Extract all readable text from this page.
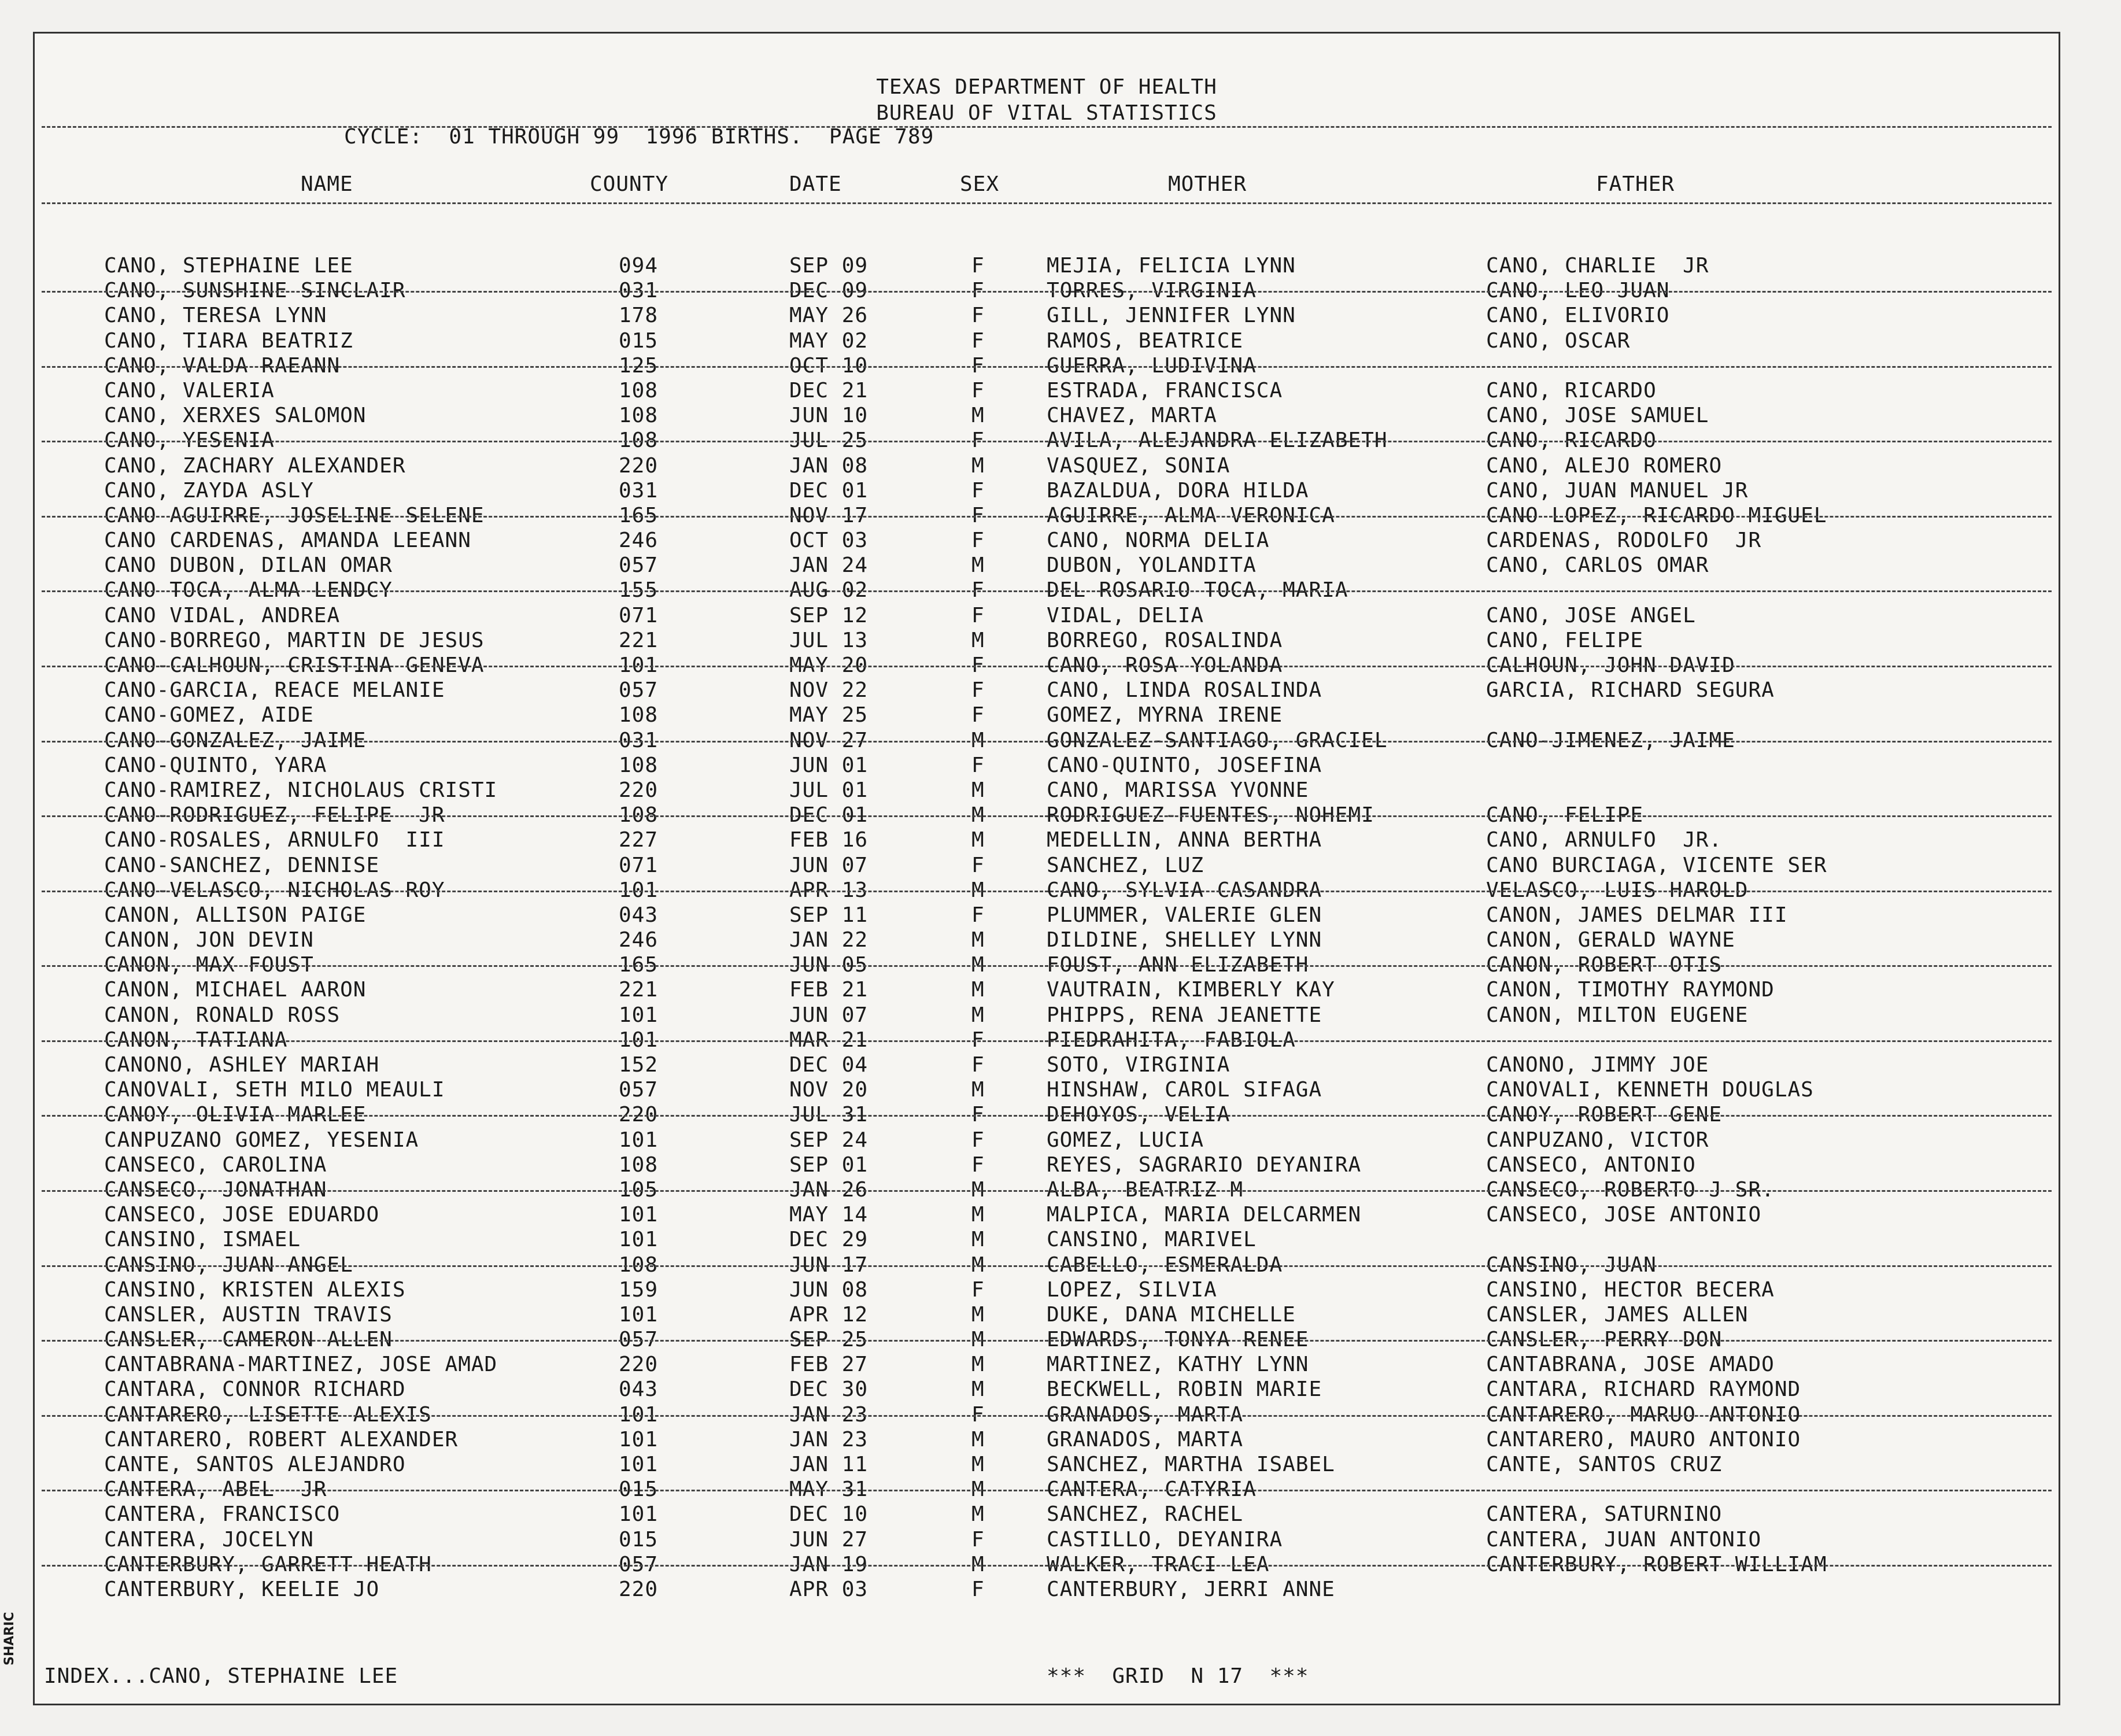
SHARIC
TEXAS DEPARTMENT OF HEALTH
BUREAU OF VITAL STATISTICS
CYCLE:  01 THROUGH 99  1996 BIRTHS.  PAGE 789
NAME	COUNTY	DATE	SEX	MOTHER	FATHER
CANO, STEPHAINE LEE	094	SEP 09	F	MEJIA, FELICIA LYNN	CANO, CHARLIE  JR
CANO, SUNSHINE SINCLAIR	031	DEC 09	F	TORRES, VIRGINIA	CANO, LEO JUAN
CANO, TERESA LYNN	178	MAY 26	F	GILL, JENNIFER LYNN	CANO, ELIVORIO
CANO, TIARA BEATRIZ	015	MAY 02	F	RAMOS, BEATRICE	CANO, OSCAR
CANO, VALDA RAEANN	125	OCT 10	F	GUERRA, LUDIVINA
CANO, VALERIA	108	DEC 21	F	ESTRADA, FRANCISCA	CANO, RICARDO
CANO, XERXES SALOMON	108	JUN 10	M	CHAVEZ, MARTA	CANO, JOSE SAMUEL
CANO, YESENIA	108	JUL 25	F	AVILA, ALEJANDRA ELIZABETH	CANO, RICARDO
CANO, ZACHARY ALEXANDER	220	JAN 08	M	VASQUEZ, SONIA	CANO, ALEJO ROMERO
CANO, ZAYDA ASLY	031	DEC 01	F	BAZALDUA, DORA HILDA	CANO, JUAN MANUEL JR
CANO AGUIRRE, JOSELINE SELENE	165	NOV 17	F	AGUIRRE, ALMA VERONICA	CANO LOPEZ, RICARDO MIGUEL
CANO CARDENAS, AMANDA LEEANN	246	OCT 03	F	CANO, NORMA DELIA	CARDENAS, RODOLFO  JR
CANO DUBON, DILAN OMAR	057	JAN 24	M	DUBON, YOLANDITA	CANO, CARLOS OMAR
CANO TOCA, ALMA LENDCY	155	AUG 02	F	DEL ROSARIO TOCA, MARIA
CANO VIDAL, ANDREA	071	SEP 12	F	VIDAL, DELIA	CANO, JOSE ANGEL
CANO-BORREGO, MARTIN DE JESUS	221	JUL 13	M	BORREGO, ROSALINDA	CANO, FELIPE
CANO-CALHOUN, CRISTINA GENEVA	101	MAY 20	F	CANO, ROSA YOLANDA	CALHOUN, JOHN DAVID
CANO-GARCIA, REACE MELANIE	057	NOV 22	F	CANO, LINDA ROSALINDA	GARCIA, RICHARD SEGURA
CANO-GOMEZ, AIDE	108	MAY 25	F	GOMEZ, MYRNA IRENE
CANO-GONZALEZ, JAIME	031	NOV 27	M	GONZALEZ-SANTIAGO, GRACIEL	CANO-JIMENEZ, JAIME
CANO-QUINTO, YARA	108	JUN 01	F	CANO-QUINTO, JOSEFINA
CANO-RAMIREZ, NICHOLAUS CRISTI	220	JUL 01	M	CANO, MARISSA YVONNE
CANO-RODRIGUEZ, FELIPE  JR	108	DEC 01	M	RODRIGUEZ-FUENTES, NOHEMI	CANO, FELIPE
CANO-ROSALES, ARNULFO  III	227	FEB 16	M	MEDELLIN, ANNA BERTHA	CANO, ARNULFO  JR.
CANO-SANCHEZ, DENNISE	071	JUN 07	F	SANCHEZ, LUZ	CANO BURCIAGA, VICENTE SER
CANO-VELASCO, NICHOLAS ROY	101	APR 13	M	CANO, SYLVIA CASANDRA	VELASCO, LUIS HAROLD
CANON, ALLISON PAIGE	043	SEP 11	F	PLUMMER, VALERIE GLEN	CANON, JAMES DELMAR III
CANON, JON DEVIN	246	JAN 22	M	DILDINE, SHELLEY LYNN	CANON, GERALD WAYNE
CANON, MAX FOUST	165	JUN 05	M	FOUST, ANN ELIZABETH	CANON, ROBERT OTIS
CANON, MICHAEL AARON	221	FEB 21	M	VAUTRAIN, KIMBERLY KAY	CANON, TIMOTHY RAYMOND
CANON, RONALD ROSS	101	JUN 07	M	PHIPPS, RENA JEANETTE	CANON, MILTON EUGENE
CANON, TATIANA	101	MAR 21	F	PIEDRAHITA, FABIOLA
CANONO, ASHLEY MARIAH	152	DEC 04	F	SOTO, VIRGINIA	CANONO, JIMMY JOE
CANOVALI, SETH MILO MEAULI	057	NOV 20	M	HINSHAW, CAROL SIFAGA	CANOVALI, KENNETH DOUGLAS
CANOY, OLIVIA MARLEE	220	JUL 31	F	DEHOYOS, VELIA	CANOY, ROBERT GENE
CANPUZANO GOMEZ, YESENIA	101	SEP 24	F	GOMEZ, LUCIA	CANPUZANO, VICTOR
CANSECO, CAROLINA	108	SEP 01	F	REYES, SAGRARIO DEYANIRA	CANSECO, ANTONIO
CANSECO, JONATHAN	105	JAN 26	M	ALBA, BEATRIZ M	CANSECO, ROBERTO J SR.
CANSECO, JOSE EDUARDO	101	MAY 14	M	MALPICA, MARIA DELCARMEN	CANSECO, JOSE ANTONIO
CANSINO, ISMAEL	101	DEC 29	M	CANSINO, MARIVEL
CANSINO, JUAN ANGEL	108	JUN 17	M	CABELLO, ESMERALDA	CANSINO, JUAN
CANSINO, KRISTEN ALEXIS	159	JUN 08	F	LOPEZ, SILVIA	CANSINO, HECTOR BECERA
CANSLER, AUSTIN TRAVIS	101	APR 12	M	DUKE, DANA MICHELLE	CANSLER, JAMES ALLEN
CANSLER, CAMERON ALLEN	057	SEP 25	M	EDWARDS, TONYA RENEE	CANSLER, PERRY DON
CANTABRANA-MARTINEZ, JOSE AMAD	220	FEB 27	M	MARTINEZ, KATHY LYNN	CANTABRANA, JOSE AMADO
CANTARA, CONNOR RICHARD	043	DEC 30	M	BECKWELL, ROBIN MARIE	CANTARA, RICHARD RAYMOND
CANTARERO, LISETTE ALEXIS	101	JAN 23	F	GRANADOS, MARTA	CANTARERO, MARUO ANTONIO
CANTARERO, ROBERT ALEXANDER	101	JAN 23	M	GRANADOS, MARTA	CANTARERO, MAURO ANTONIO
CANTE, SANTOS ALEJANDRO	101	JAN 11	M	SANCHEZ, MARTHA ISABEL	CANTE, SANTOS CRUZ
CANTERA, ABEL  JR	015	MAY 31	M	CANTERA, CATYRIA
CANTERA, FRANCISCO	101	DEC 10	M	SANCHEZ, RACHEL	CANTERA, SATURNINO
CANTERA, JOCELYN	015	JUN 27	F	CASTILLO, DEYANIRA	CANTERA, JUAN ANTONIO
CANTERBURY, GARRETT HEATH	057	JAN 19	M	WALKER, TRACI LEA	CANTERBURY, ROBERT WILLIAM
CANTERBURY, KEELIE JO	220	APR 03	F	CANTERBURY, JERRI ANNE
INDEX...CANO, STEPHAINE LEE	***  GRID  N 17  ***
